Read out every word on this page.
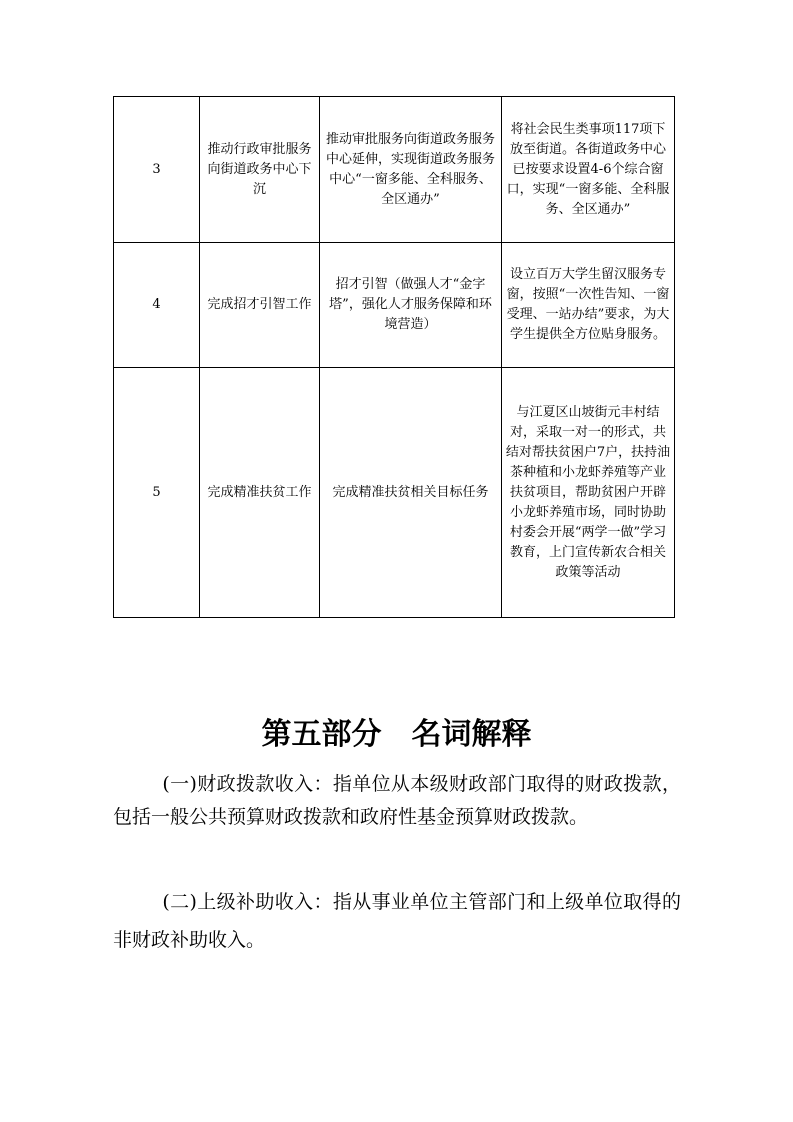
3	推动行政审批服务向街道政务中心下沉	推动审批服务向街道政务服务中心延伸，实现街道政务服务中心“一窗多能、全科服务、全区通办”	将社会民生类事项117项下放至街道。各街道政务中心已按要求设置4-6个综合窗口，实现“一窗多能、全科服务、全区通办”
4	完成招才引智工作	招才引智（做强人才“金字塔”，强化人才服务保障和环境营造）	设立百万大学生留汉服务专窗，按照“一次性告知、一窗受理、一站办结”要求，为大学生提供全方位贴身服务。
5	完成精准扶贫工作	完成精准扶贫相关目标任务	与江夏区山坡街元丰村结对，采取一对一的形式，共结对帮扶贫困户7户，扶持油茶种植和小龙虾养殖等产业扶贫项目，帮助贫困户开辟小龙虾养殖市场，同时协助村委会开展“两学一做”学习教育，上门宣传新农合相关政策等活动
第五部分　名词解释

(一)财政拨款收入：指单位从本级财政部门取得的财政拨款，包括一般公共预算财政拨款和政府性基金预算财政拨款。

(二)上级补助收入：指从事业单位主管部门和上级单位取得的非财政补助收入。
